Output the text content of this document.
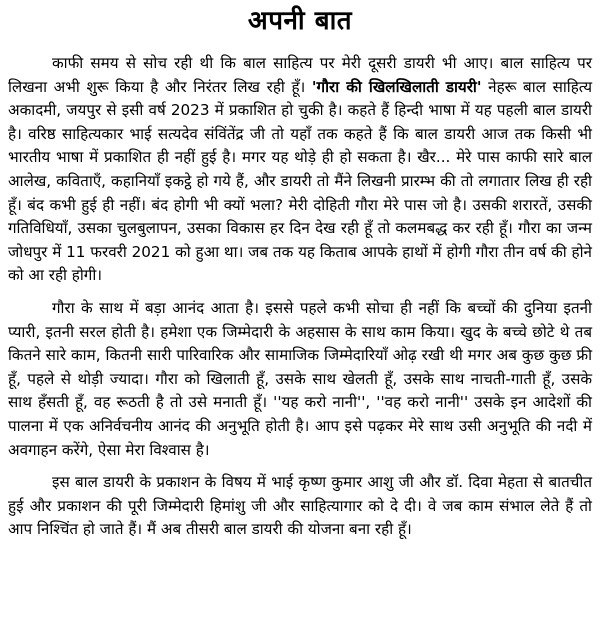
अपनी बात

काफी समय से सोच रही थी कि बाल साहित्य पर मेरी दूसरी डायरी भी आए। बाल साहित्य पर लिखना अभी शुरू किया है और निरंतर लिख रही हूँ। 'गौरा की खिलखिलाती डायरी' नेहरू बाल साहित्य अकादमी, जयपुर से इसी वर्ष 2023 में प्रकाशित हो चुकी है। कहते हैं हिन्दी भाषा में यह पहली बाल डायरी है। वरिष्ठ साहित्यकार भाई सत्यदेव संविंतेंद्र जी तो यहाँ तक कहते हैं कि बाल डायरी आज तक किसी भी भारतीय भाषा में प्रकाशित ही नहीं हुई है। मगर यह थोड़े ही हो सकता है। खैर... मेरे पास काफी सारे बाल आलेख, कविताएँ, कहानियाँ इकट्ठे हो गये हैं, और डायरी तो मैंने लिखनी प्रारम्भ की तो लगातार लिख ही रही हूँ। बंद कभी हुई ही नहीं। बंद होगी भी क्यों भला? मेरी दोहिती गौरा मेरे पास जो है। उसकी शरारतें, उसकी गतिविधियाँ, उसका चुलबुलापन, उसका विकास हर दिन देख रही हूँ तो कलमबद्ध कर रही हूँ। गौरा का जन्म जोधपुर में 11 फरवरी 2021 को हुआ था। जब तक यह किताब आपके हाथों में होगी गौरा तीन वर्ष की होने को आ रही होगी।

गौरा के साथ में बड़ा आनंद आता है। इससे पहले कभी सोचा ही नहीं कि बच्चों की दुनिया इतनी प्यारी, इतनी सरल होती है। हमेशा एक जिम्मेदारी के अहसास के साथ काम किया। खुद के बच्चे छोटे थे तब कितने सारे काम, कितनी सारी पारिवारिक और सामाजिक जिम्मेदारियाँ ओढ़ रखी थी मगर अब कुछ कुछ फ्री हूँ, पहले से थोड़ी ज्यादा। गौरा को खिलाती हूँ, उसके साथ खेलती हूँ, उसके साथ नाचती-गाती हूँ, उसके साथ हँसती हूँ, वह रूठती है तो उसे मनाती हूँ। ''यह करो नानी'', ''वह करो नानी'' उसके इन आदेशों की पालना में एक अनिर्वचनीय आनंद की अनुभूति होती है। आप इसे पढ़कर मेरे साथ उसी अनुभूति की नदी में अवगाहन करेंगे, ऐसा मेरा विश्वास है।

इस बाल डायरी के प्रकाशन के विषय में भाई कृष्ण कुमार आशु जी और डॉ. दिवा मेहता से बातचीत हुई और प्रकाशन की पूरी जिम्मेदारी हिमांशु जी और साहित्यागार को दे दी। वे जब काम संभाल लेते हैं तो आप निश्चिंत हो जाते हैं। मैं अब तीसरी बाल डायरी की योजना बना रही हूँ।
